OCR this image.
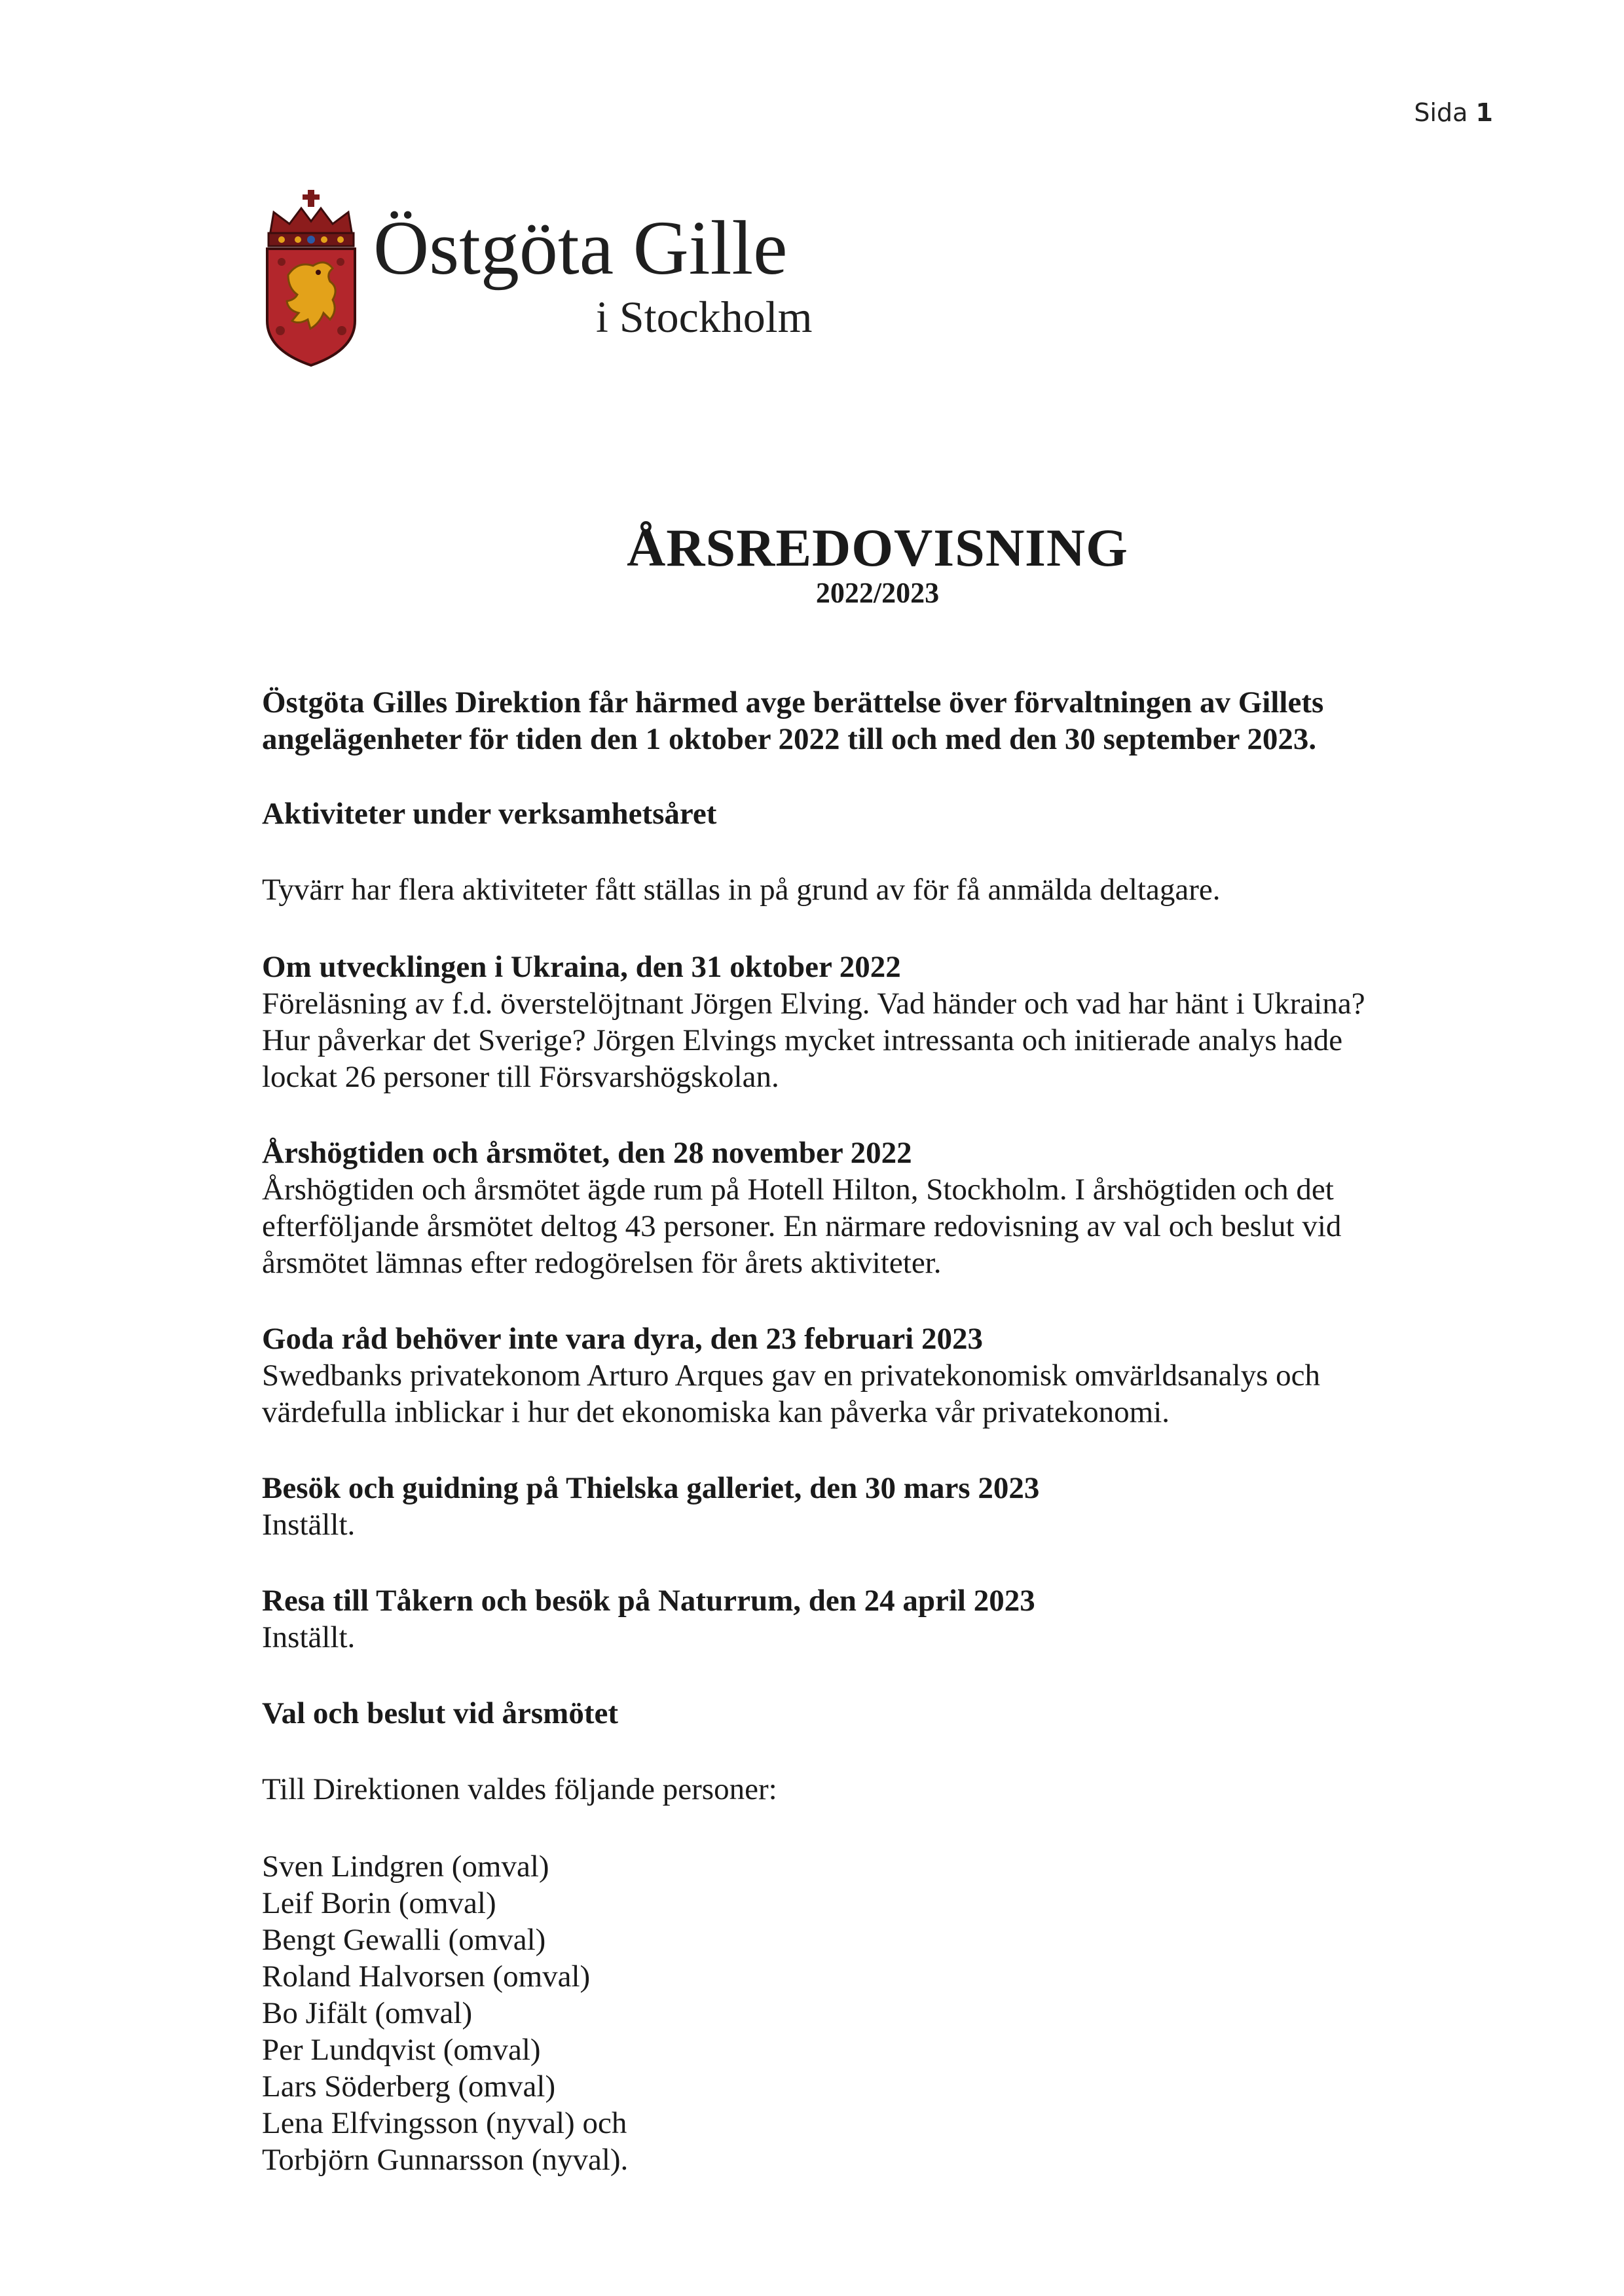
Sida 1
Östgöta Gille
i Stockholm
ÅRSREDOVISNING
2022/2023

Östgöta Gilles Direktion får härmed avge berättelse över förvaltningen av Gillets angelägenheter för tiden den 1 oktober 2022 till och med den 30 september 2023.

Aktiviteter under verksamhetsåret

Tyvärr har flera aktiviteter fått ställas in på grund av för få anmälda deltagare.

Om utvecklingen i Ukraina, den 31 oktober 2022
Föreläsning av f.d. överstelöjtnant Jörgen Elving. Vad händer och vad har hänt i Ukraina? Hur påverkar det Sverige? Jörgen Elvings mycket intressanta och initierade analys hade lockat 26 personer till Försvarshögskolan.
Årshögtiden och årsmötet, den 28 november 2022
Årshögtiden och årsmötet ägde rum på Hotell Hilton, Stockholm. I årshögtiden och det efterföljande årsmötet deltog 43 personer. En närmare redovisning av val och beslut vid årsmötet lämnas efter redogörelsen för årets aktiviteter.
Goda råd behöver inte vara dyra, den 23 februari 2023
Swedbanks privatekonom Arturo Arques gav en privatekonomisk omvärldsanalys och värdefulla inblickar i hur det ekonomiska kan påverka vår privatekonomi.
Besök och guidning på Thielska galleriet, den 30 mars 2023
Inställt.
Resa till Tåkern och besök på Naturrum, den 24 april 2023
Inställt.

Val och beslut vid årsmötet

Till Direktionen valdes följande personer:

Sven Lindgren (omval)
Leif Borin (omval)
Bengt Gewalli (omval)
Roland Halvorsen (omval)
Bo Jifält (omval)
Per Lundqvist (omval)
Lars Söderberg (omval)
Lena Elfvingsson (nyval) och
Torbjörn Gunnarsson (nyval).
